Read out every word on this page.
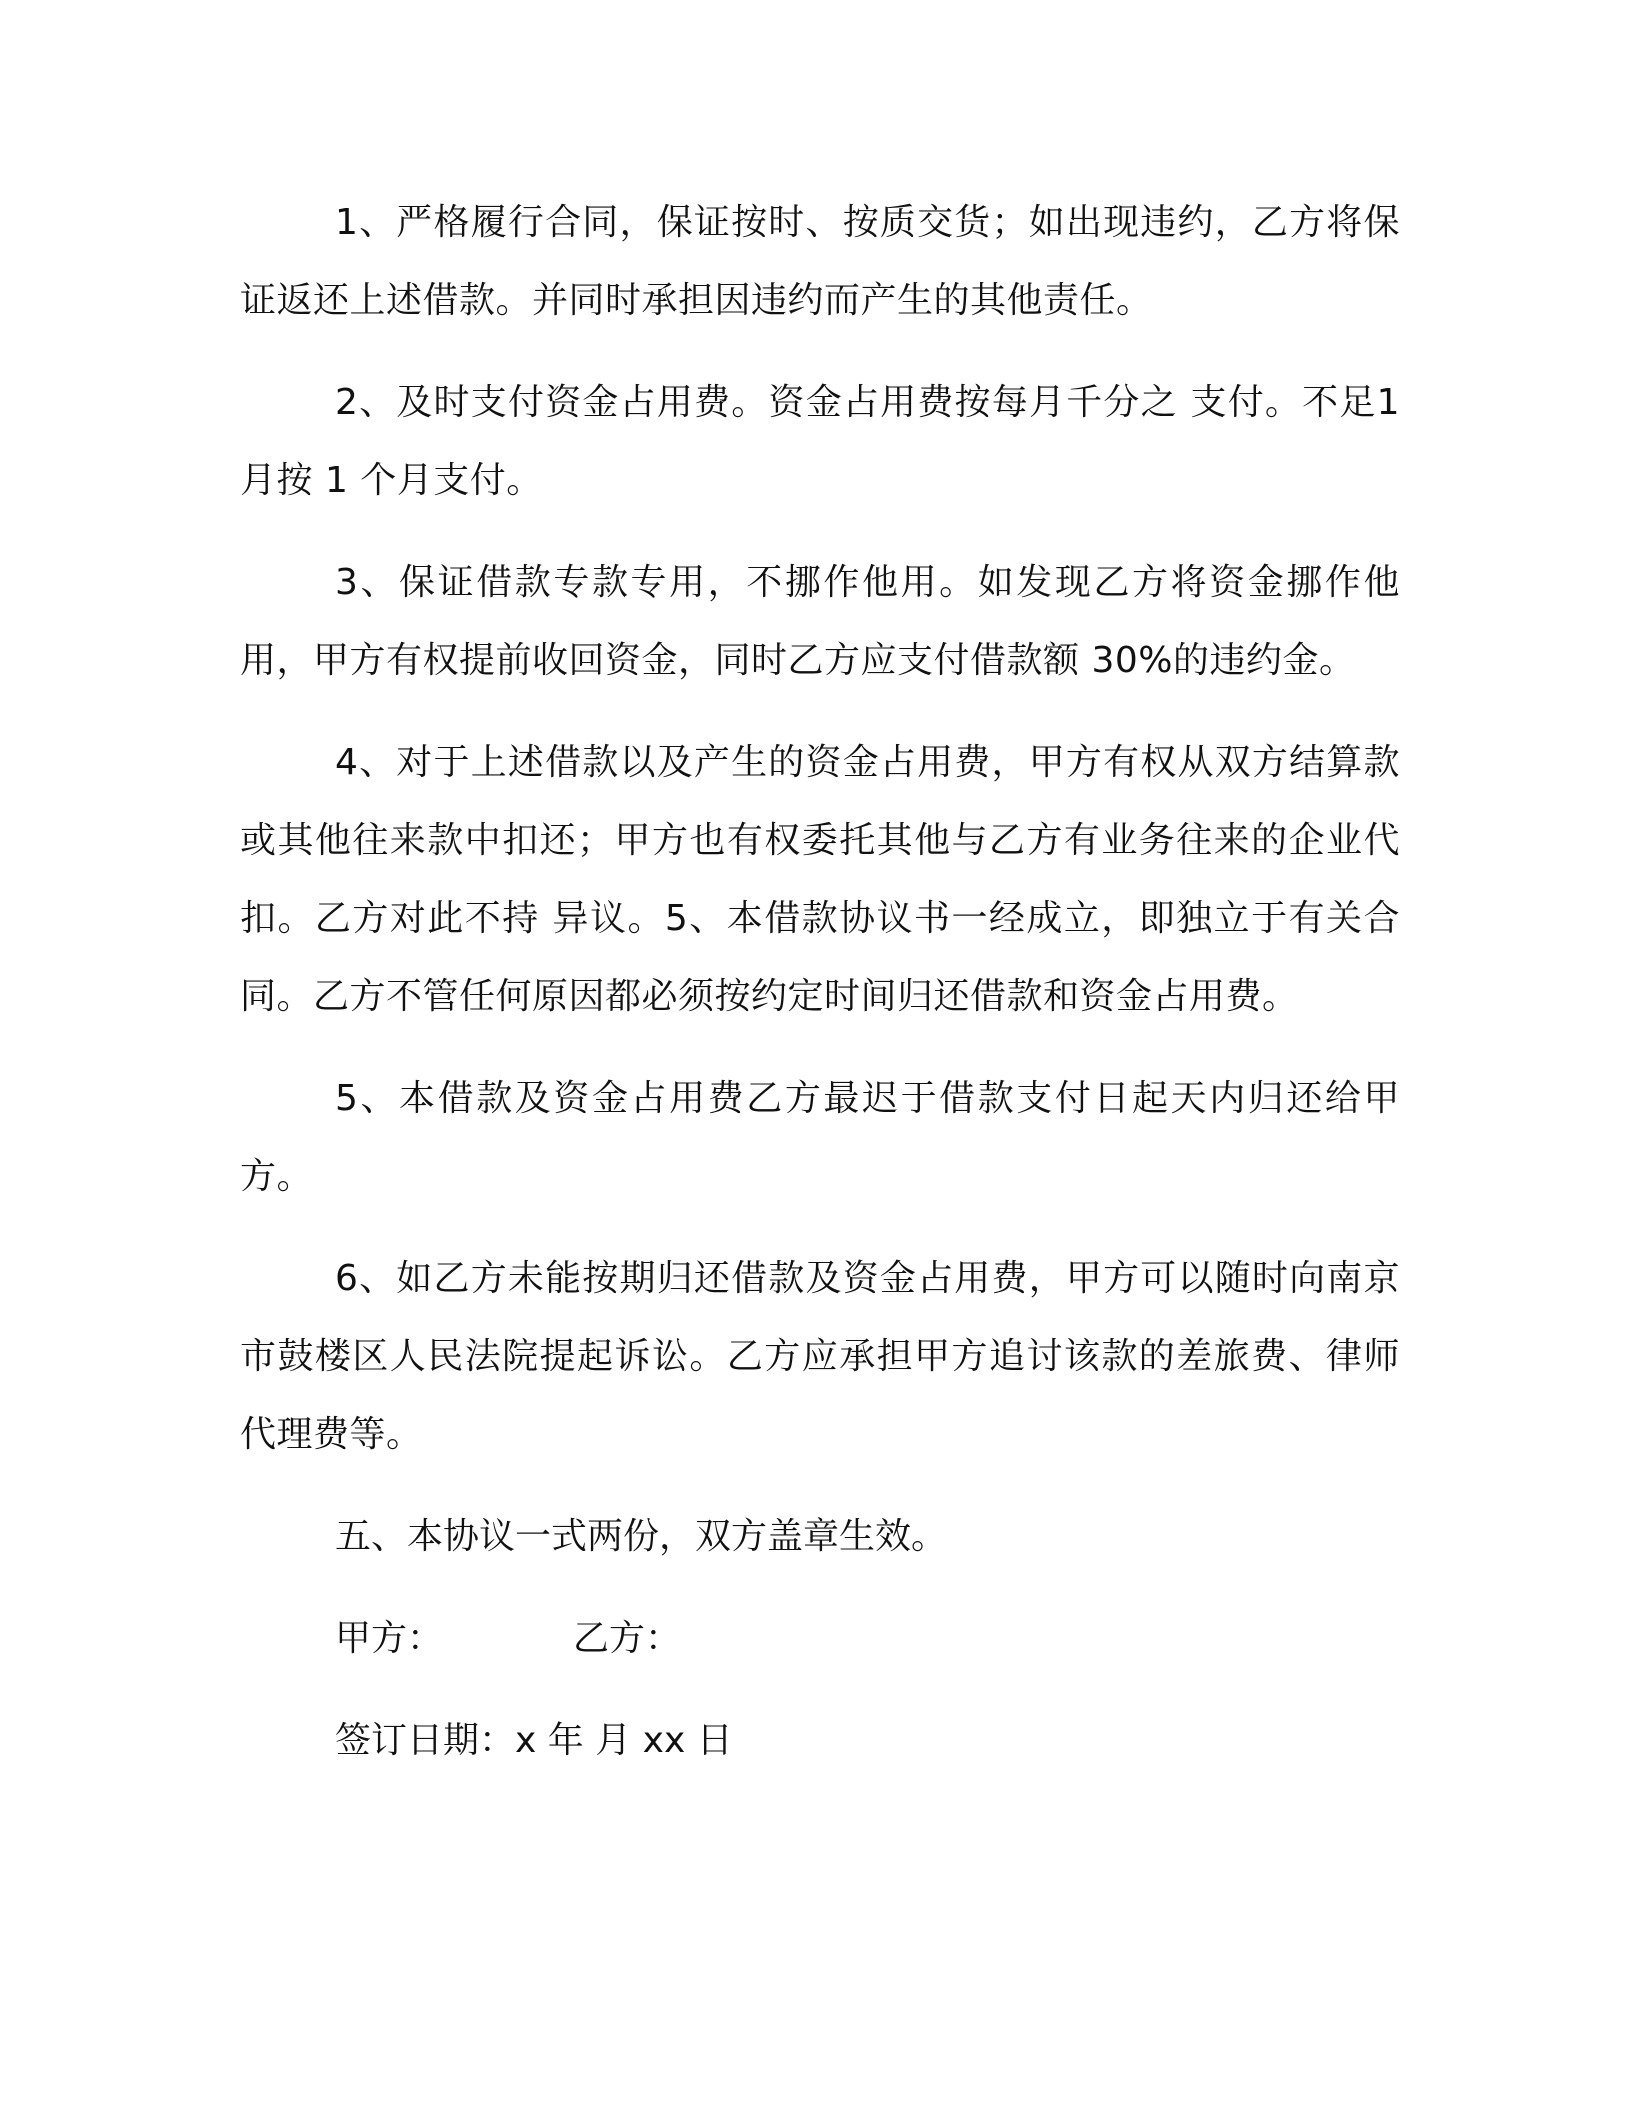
1、严格履行合同，保证按时、按质交货；如出现违约，乙方将保证返还上述借款。并同时承担因违约而产生的其他责任。

2、及时支付资金占用费。资金占用费按每月千分之 支付。不足1月按 1 个月支付。

3、保证借款专款专用，不挪作他用。如发现乙方将资金挪作他用，甲方有权提前收回资金，同时乙方应支付借款额 30%的违约金。

4、对于上述借款以及产生的资金占用费，甲方有权从双方结算款或其他往来款中扣还；甲方也有权委托其他与乙方有业务往来的企业代扣。乙方对此不持 异议。5、本借款协议书一经成立，即独立于有关合同。乙方不管任何原因都必须按约定时间归还借款和资金占用费。

5、本借款及资金占用费乙方最迟于借款支付日起天内归还给甲方。

6、如乙方未能按期归还借款及资金占用费，甲方可以随时向南京市鼓楼区人民法院提起诉讼。乙方应承担甲方追讨该款的差旅费、律师代理费等。

五、本协议一式两份，双方盖章生效。
甲方：	乙方：
签订日期：x 年 月 xx 日
